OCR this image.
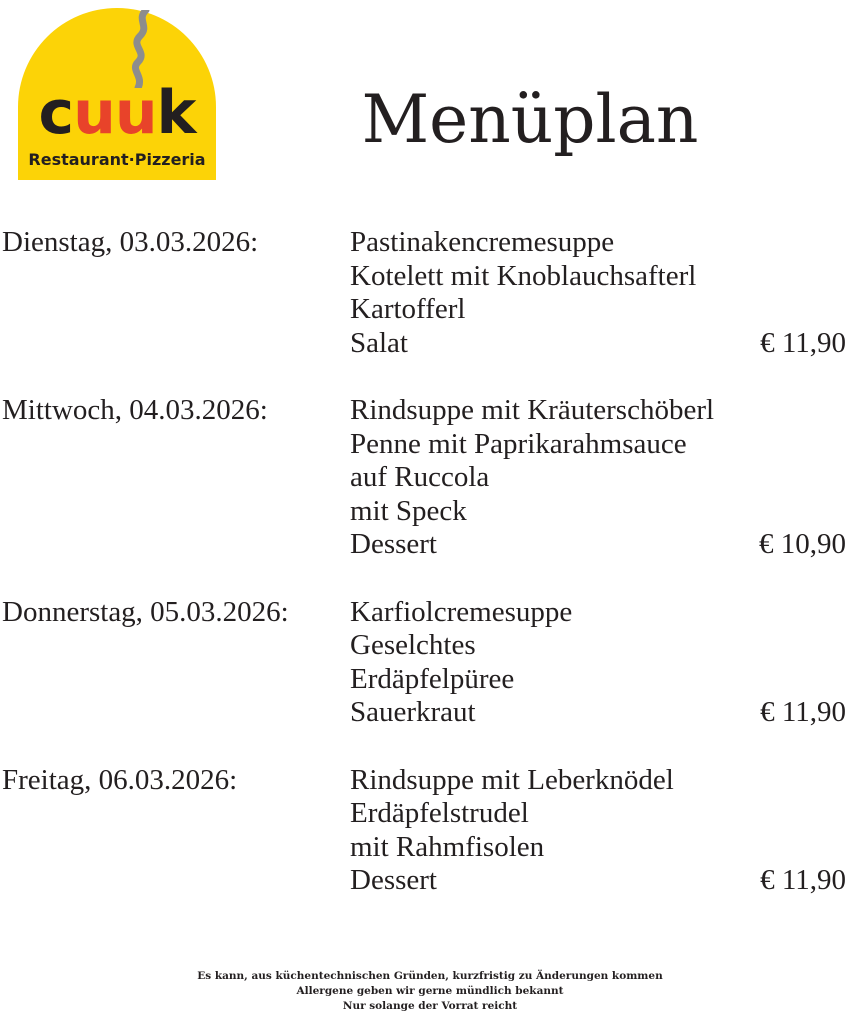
cuuk
Restaurant·Pizzeria
Menüplan
Dienstag, 03.03.2026:	Pastinakencremesuppe
Kotelett mit Knoblauchsafterl
Kartofferl
Salat	€ 11,90
Mittwoch, 04.03.2026:	Rindsuppe mit Kräuterschöberl
Penne mit Paprikarahmsauce
auf Ruccola
mit Speck
Dessert	€ 10,90
Donnerstag, 05.03.2026:	Karfiolcremesuppe
Geselchtes
Erdäpfelpüree
Sauerkraut	€ 11,90
Freitag, 06.03.2026:	Rindsuppe mit Leberknödel
Erdäpfelstrudel
mit Rahmfisolen
Dessert	€ 11,90
Es kann, aus küchentechnischen Gründen, kurzfristig zu Änderungen kommen
Allergene geben wir gerne mündlich bekannt
Nur solange der Vorrat reicht
